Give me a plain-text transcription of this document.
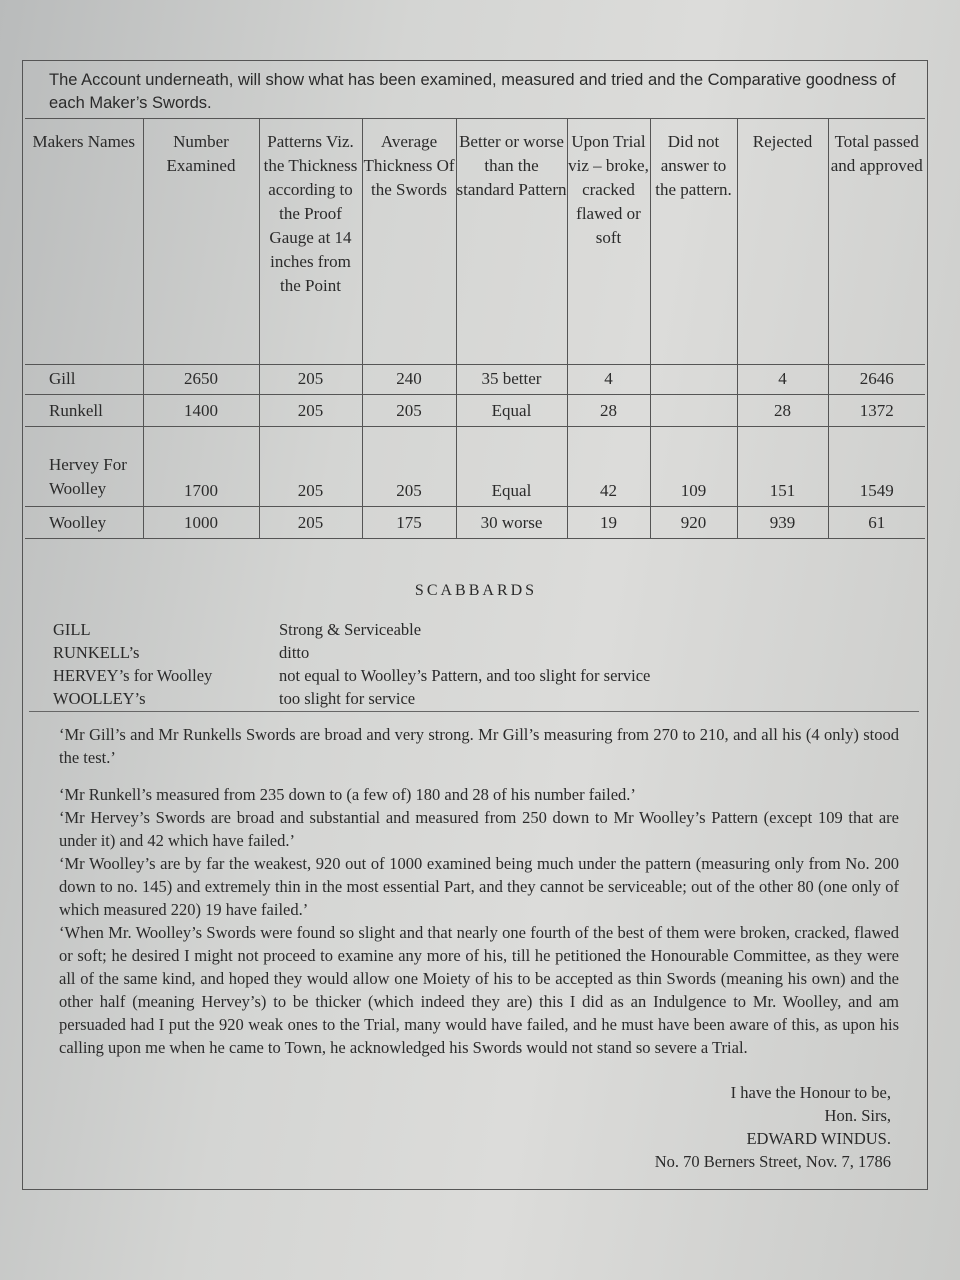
The Account underneath, will show what has been examined, measured and tried and the Comparative goodness of each Maker’s Swords.
Makers Names	Number Examined	Patterns Viz. the Thickness according to the Proof Gauge at 14 inches from the Point	Average Thickness Of the Swords	Better or worse than the standard Pattern	Upon Trial viz – broke, cracked flawed or soft	Did not answer to the pattern.	Rejected	Total passed and approved
Gill	2650	205	240	35 better	4		4	2646
Runkell	1400	205	205	Equal	28		28	1372
Hervey For Woolley	1700	205	205	Equal	42	109	151	1549
Woolley	1000	205	175	30 worse	19	920	939	61
SCABBARDS
GILL	Strong & Serviceable
RUNKELL’s	ditto
HERVEY’s for Woolley	not equal to Woolley’s Pattern, and too slight for service
WOOLLEY’s	too slight for service
‘Mr Gill’s and Mr Runkells Swords are broad and very strong. Mr Gill’s measuring from 270 to 210, and all his (4 only) stood the test.’
‘Mr Runkell’s measured from 235 down to (a few of) 180 and 28 of his number failed.’
‘Mr Hervey’s Swords are broad and substantial and measured from 250 down to Mr Woolley’s Pattern (except 109 that are under it) and 42 which have failed.’
‘Mr Woolley’s are by far the weakest, 920 out of 1000 examined being much under the pattern (measuring only from No. 200 down to no. 145) and extremely thin in the most essential Part, and they cannot be serviceable; out of the other 80 (one only of which measured 220) 19 have failed.’
‘When Mr. Woolley’s Swords were found so slight and that nearly one fourth of the best of them were broken, cracked, flawed or soft; he desired I might not proceed to examine any more of his, till he petitioned the Honourable Committee, as they were all of the same kind, and hoped they would allow one Moiety of his to be accepted as thin Swords (meaning his own) and the other half (meaning Hervey’s) to be thicker (which indeed they are) this I did as an Indulgence to Mr. Woolley, and am persuaded had I put the 920 weak ones to the Trial, many would have failed, and he must have been aware of this, as upon his calling upon me when he came to Town, he acknowledged his Swords would not stand so severe a Trial.
I have the Honour to be,
Hon. Sirs,
EDWARD WINDUS.
No. 70 Berners Street, Nov. 7, 1786
